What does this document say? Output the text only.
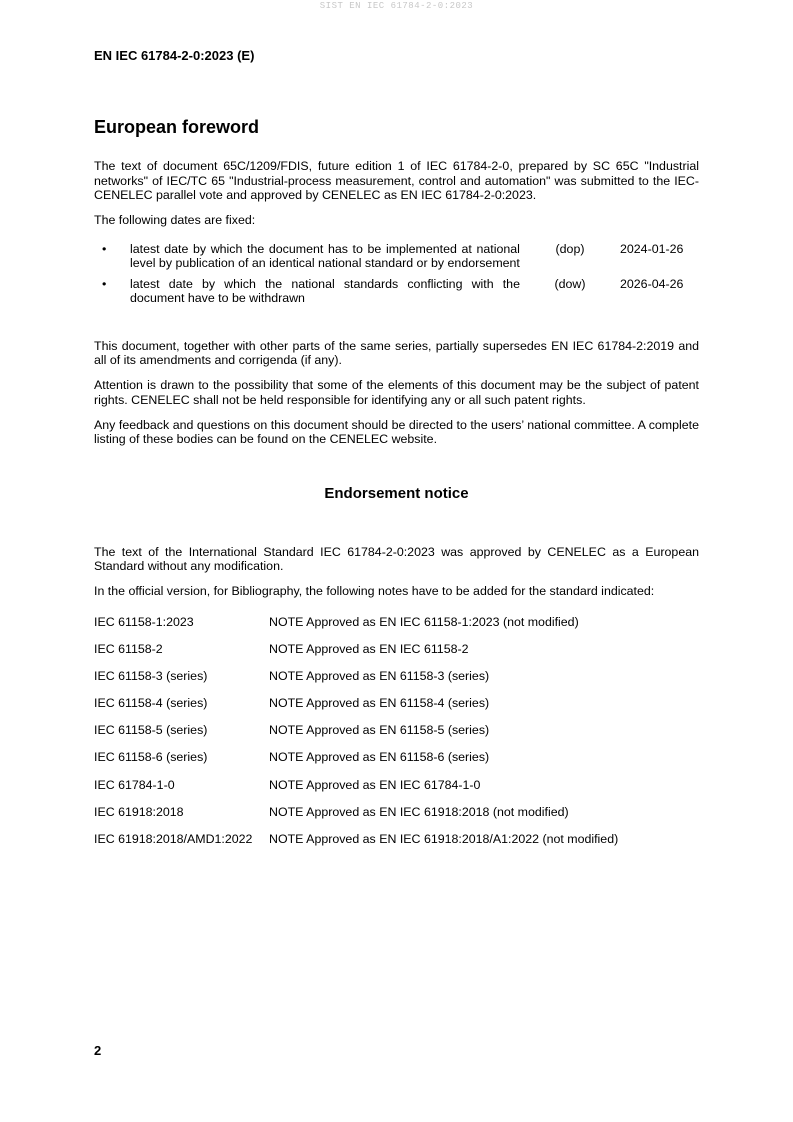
SIST EN IEC 61784-2-0:2023
EN IEC 61784-2-0:2023 (E)
European foreword

The text of document 65C/1209/FDIS, future edition 1 of IEC 61784-2-0, prepared by SC 65C "Industrial networks" of IEC/TC 65 "Industrial-process measurement, control and automation" was submitted to the IEC-CENELEC parallel vote and approved by CENELEC as EN IEC 61784-2-0:2023.

The following dates are fixed:

•	latest date by which the document has to be implemented at national
level by publication of an identical national standard or by endorsement
(dop)	2024-01-26
•	latest date by which the national standards conflicting with the
document have to be withdrawn
(dow)	2026-04-26

This document, together with other parts of the same series, partially supersedes EN IEC 61784-2:2019 and all of its amendments and corrigenda (if any).

Attention is drawn to the possibility that some of the elements of this document may be the subject of patent rights. CENELEC shall not be held responsible for identifying any or all such patent rights.

Any feedback and questions on this document should be directed to the users’ national committee. A complete listing of these bodies can be found on the CENELEC website.

Endorsement notice

The text of the International Standard IEC 61784-2-0:2023 was approved by CENELEC as a European Standard without any modification.

In the official version, for Bibliography, the following notes have to be added for the standard indicated:

IEC 61158-1:2023	NOTE Approved as EN IEC 61158-1:2023 (not modified)
IEC 61158-2	NOTE Approved as EN IEC 61158-2
IEC 61158-3 (series)	NOTE Approved as EN 61158-3 (series)
IEC 61158-4 (series)	NOTE Approved as EN 61158-4 (series)
IEC 61158-5 (series)	NOTE Approved as EN 61158-5 (series)
IEC 61158-6 (series)	NOTE Approved as EN 61158-6 (series)
IEC 61784-1-0	NOTE Approved as EN IEC 61784-1-0
IEC 61918:2018	NOTE Approved as EN IEC 61918:2018 (not modified)
IEC 61918:2018/AMD1:2022	NOTE Approved as EN IEC 61918:2018/A1:2022 (not modified)
2
